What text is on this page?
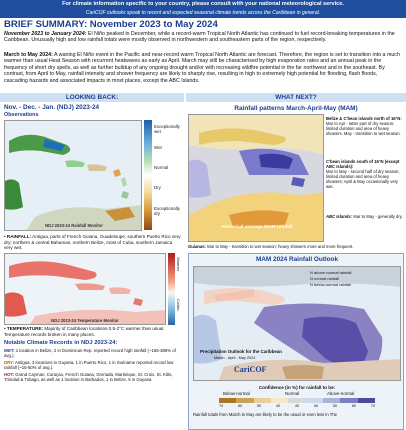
For climate information specific to your country, please consult with your national meteorological service.
CariCOF outlooks speak to recent and expected seasonal climate trends across the Caribbean in general.
BRIEF SUMMARY: November 2023 to May 2024
November 2023 to January 2024: El Niño peaked in December, while a record-warm Tropical North Atlantic has continued to fuel record-breaking temperatures in the Caribbean. Unusually high and low rainfall totals were mostly observed in northwestern and southeastern parts of the region, respectively.
March to May 2024: A waning El Niño event in the Pacific and near-record warm Tropical North Atlantic are forecast. Therefore, the region is set to transition into a much warmer than usual Heat Season with recurrent heatwaves as early as April. March may still be characterised by high evaporation rates and an annual peak in the frequency of short dry spells, as well as further buildup of any ongoing drought and/or with increasing wildfire potential in the far northwest and in the southeast. By contrast, from April to May, rainfall intensity and shower frequency are likely to sharply rise, resulting in high to extremely high potential for flooding, flash floods, cascading hazards and associated impacts in most places, except the ABC Islands.
LOOKING BACK:	WHAT NEXT?
Nov. - Dec. - Jan. (NDJ) 2023-24
Observations
NDJ 2023-24 Rainfall Monitor
Exceptionally wet
Wet
Normal
Dry
Exceptionally dry
• RAINFALL: Antigua, parts of French Guiana, Guadeloupe, southern Puerto Rico very dry; northern & central Bahamas, northern Belize, most of Cuba, southern Jamaica very wet.
NDJ 2023-24 Temperature Monitor
Warmer
Colder
• TEMPERATURE: Majority of Caribbean locations 0.5-2°C warmer than usual. Temperature records broken in many places.
Notable Climate Records in NDJ 2023-24:
WET: 1 location in Belize, 2 in Dominican Rep. reported record high rainfall (~165-385% of avg.).
DRY: Antigua, 3 locations in Guyana, 1 in Puerto Rico, 1 in Suriname reported record low rainfall (~15-50% of avg.).
HOT: Grand Cayman, Curaçao, French Guiana, Grenada, Martinique, St. Croix, St. Kitts, Trinidad & Tobago, as well as 1 location in Barbados, 1 in Belize, 5 in Guyana
Rainfall patterns March-April-May (MAM)
Historical average MAM rainfall
Belize & C'bean islands north of 16°N:
Mar to Apr - latter part of dry season; limited duration and area of heavy showers. May - transition to wet season.
C'bean islands south of 16°N (except ABC Islands):
Mar to May - second half of dry season; limited duration and area of heavy showers; April & May occasionally very wet.
ABC Islands: Mar to May - generally dry.
Guianas: Mar to May - transition to wet season; heavy showers more and more frequent.
MAM 2024 Rainfall Outlook
N above-normal rainfall
N normal rainfall
N below-normal rainfall
Precipitation Outlook for the Caribbean
March - April - May 2024
CariCOF
Confidence (in %) for rainfall to be:
Below-normal	Normal	Above-normal
70	60	50	40	40	40	50	60	70
Rainfall totals from March to May are likely to be the usual or even less in The
